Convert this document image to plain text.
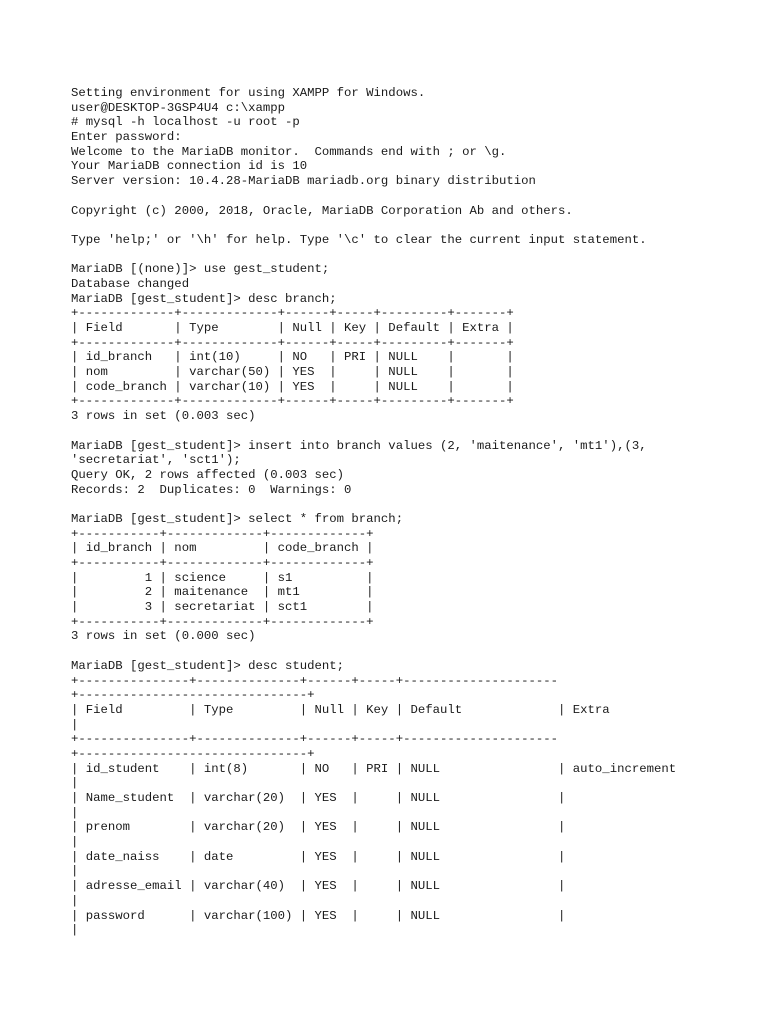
Setting environment for using XAMPP for Windows.
user@DESKTOP-3GSP4U4 c:\xampp
# mysql -h localhost -u root -p
Enter password:
Welcome to the MariaDB monitor.  Commands end with ; or \g.
Your MariaDB connection id is 10
Server version: 10.4.28-MariaDB mariadb.org binary distribution
Copyright (c) 2000, 2018, Oracle, MariaDB Corporation Ab and others.
Type 'help;' or '\h' for help. Type '\c' to clear the current input statement.
MariaDB [(none)]> use gest_student;
Database changed
MariaDB [gest_student]> desc branch;
+-------------+-------------+------+-----+---------+-------+
| Field       | Type        | Null | Key | Default | Extra |
+-------------+-------------+------+-----+---------+-------+
| id_branch   | int(10)     | NO   | PRI | NULL    |       |
| nom         | varchar(50) | YES  |     | NULL    |       |
| code_branch | varchar(10) | YES  |     | NULL    |       |
+-------------+-------------+------+-----+---------+-------+
3 rows in set (0.003 sec)
MariaDB [gest_student]> insert into branch values (2, 'maitenance', 'mt1'),(3,
'secretariat', 'sct1');
Query OK, 2 rows affected (0.003 sec)
Records: 2  Duplicates: 0  Warnings: 0
MariaDB [gest_student]> select * from branch;
+-----------+-------------+-------------+
| id_branch | nom         | code_branch |
+-----------+-------------+-------------+
|         1 | science     | s1          |
|         2 | maitenance  | mt1         |
|         3 | secretariat | sct1        |
+-----------+-------------+-------------+
3 rows in set (0.000 sec)
MariaDB [gest_student]> desc student;
+---------------+--------------+------+-----+---------------------
+-------------------------------+
| Field         | Type         | Null | Key | Default             | Extra
|
+---------------+--------------+------+-----+---------------------
+-------------------------------+
| id_student    | int(8)       | NO   | PRI | NULL                | auto_increment
|
| Name_student  | varchar(20)  | YES  |     | NULL                |
|
| prenom        | varchar(20)  | YES  |     | NULL                |
|
| date_naiss    | date         | YES  |     | NULL                |
|
| adresse_email | varchar(40)  | YES  |     | NULL                |
|
| password      | varchar(100) | YES  |     | NULL                |
|
